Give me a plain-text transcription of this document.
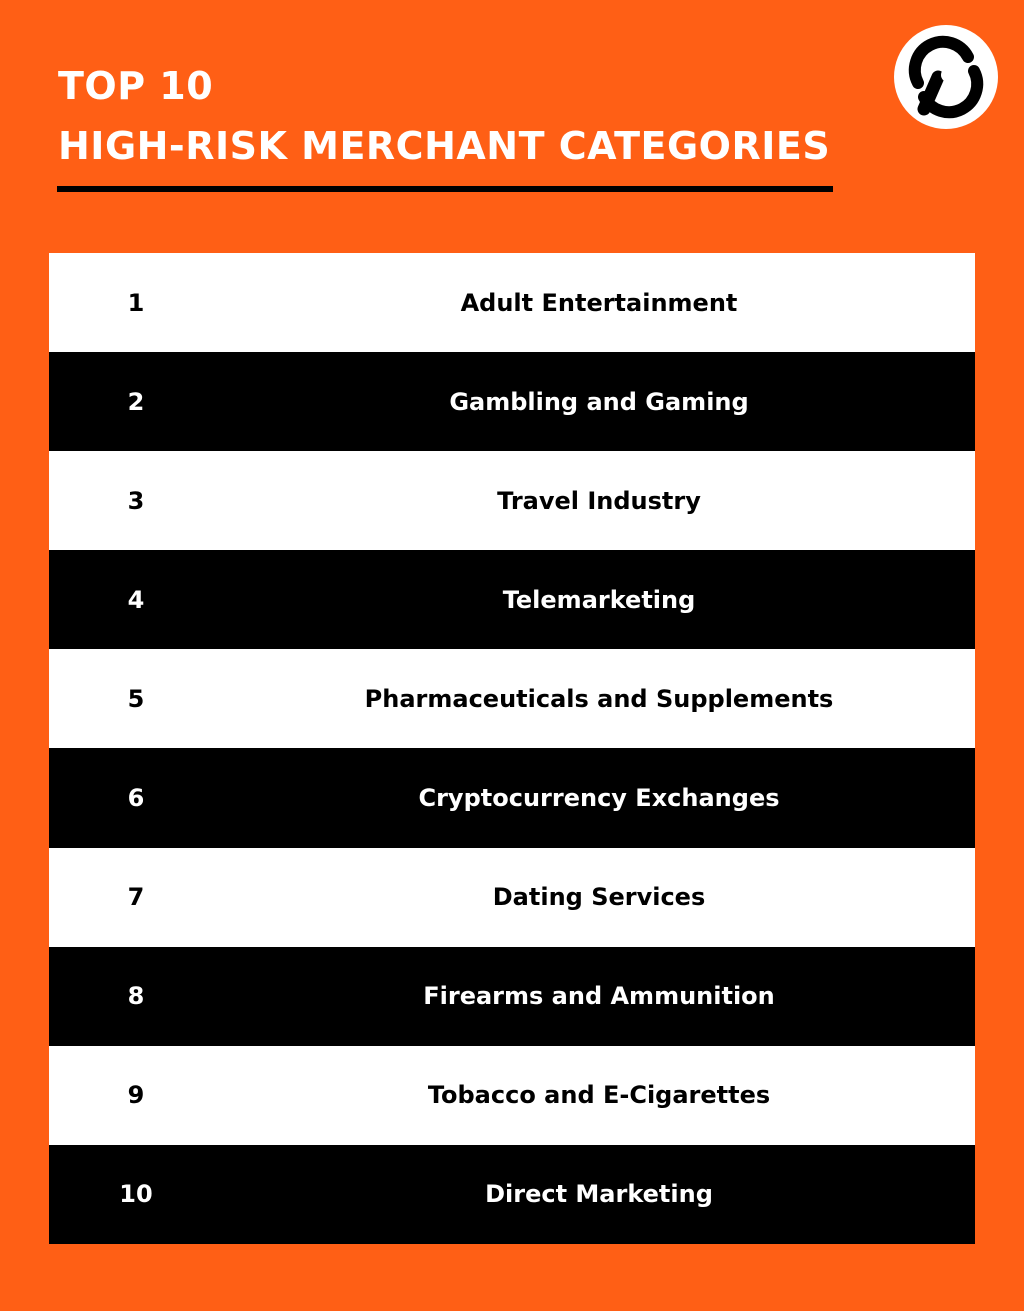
TOP 10
HIGH-RISK MERCHANT CATEGORIES
1	Adult Entertainment
2	Gambling and Gaming
3	Travel Industry
4	Telemarketing
5	Pharmaceuticals and Supplements
6	Cryptocurrency Exchanges
7	Dating Services
8	Firearms and Ammunition
9	Tobacco and E-Cigarettes
10	Direct Marketing
